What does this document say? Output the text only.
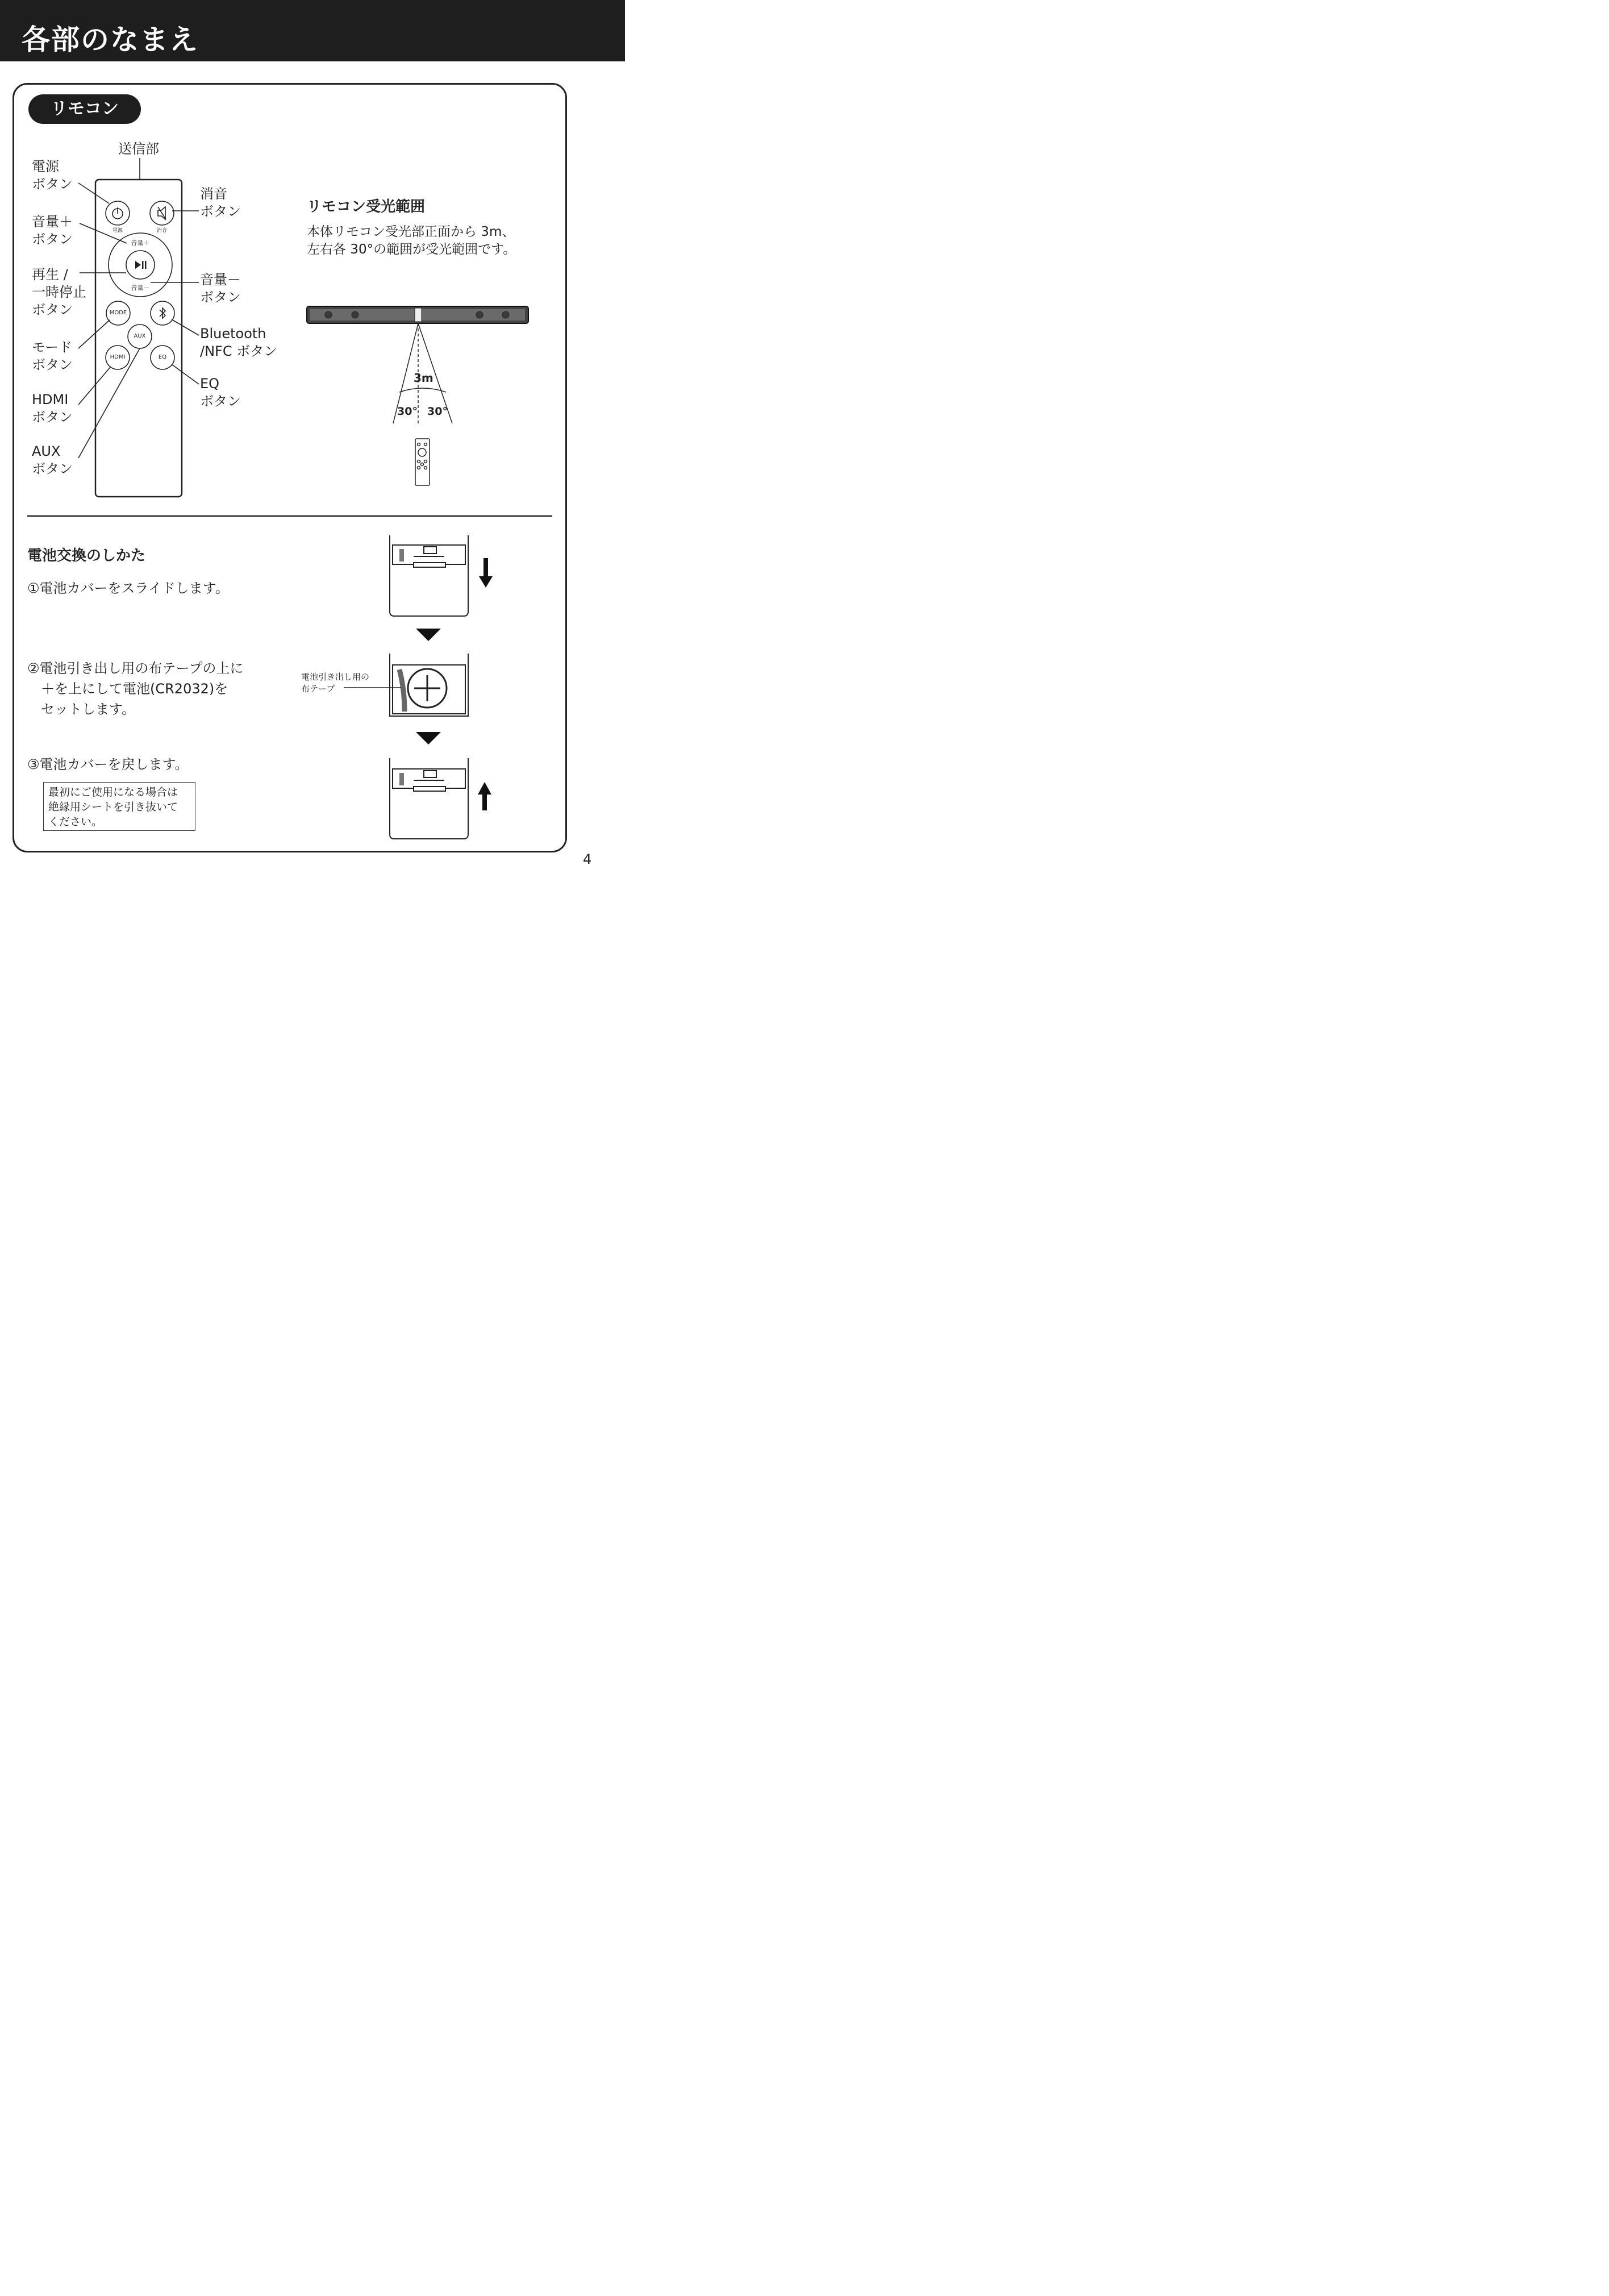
各部のなまえ
リモコン
電源	消音
音量＋
音量－
MODE
AUX
HDMI	EQ
送信部
電源
ボタン
消音
ボタン
音量＋
ボタン
再生 /
一時停止
ボタン
音量－
ボタン
Bluetooth
/NFC ボタン
モード
ボタン
EQ
ボタン
HDMI
ボタン
AUX
ボタン
リモコン受光範囲
本体リモコン受光部正面から 3m、
左右各 30°の範囲が受光範囲です。
3m
30° 30°
電池交換のしかた
①電池カバーをスライドします。
②電池引き出し用の布テープの上に
＋を上にして電池(CR2032)を
セットします。
③電池カバーを戻します。
最初にご使用になる場合は
絶縁用シートを引き抜いて
ください。
電池引き出し用の
布テープ
4
